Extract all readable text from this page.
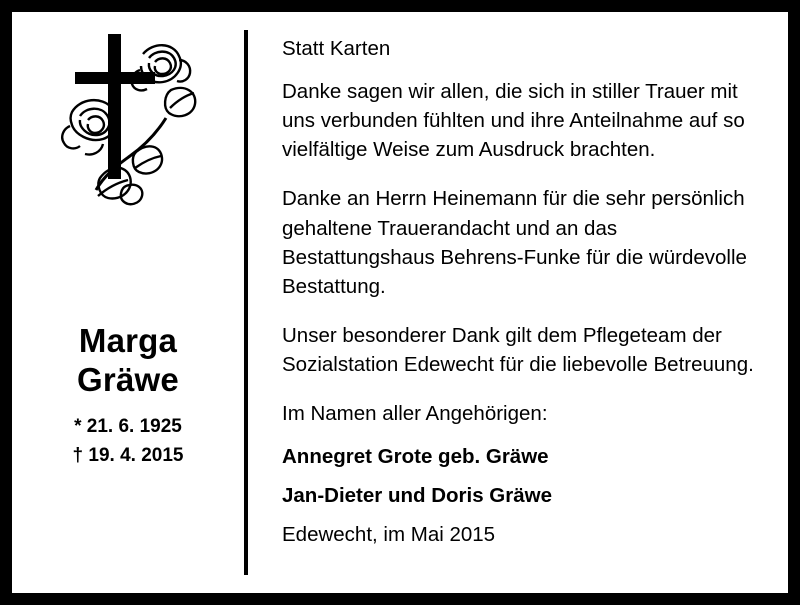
Marga
Gräwe
* 21. 6. 1925
† 19. 4. 2015

Statt Karten

Danke sagen wir allen, die sich in stiller Trauer mit uns verbunden fühlten und ihre Anteilnahme auf so vielfältige Weise zum Ausdruck brachten.

Danke an Herrn Heinemann für die sehr persönlich gehaltene Trauerandacht und an das Bestattungshaus Behrens-Funke für die würdevolle Bestattung.

Unser besonderer Dank gilt dem Pflegeteam der Sozialstation Edewecht für die liebevolle Betreuung.

Im Namen aller Angehörigen:

Annegret Grote geb. Gräwe

Jan-Dieter und Doris Gräwe

Edewecht, im Mai 2015
